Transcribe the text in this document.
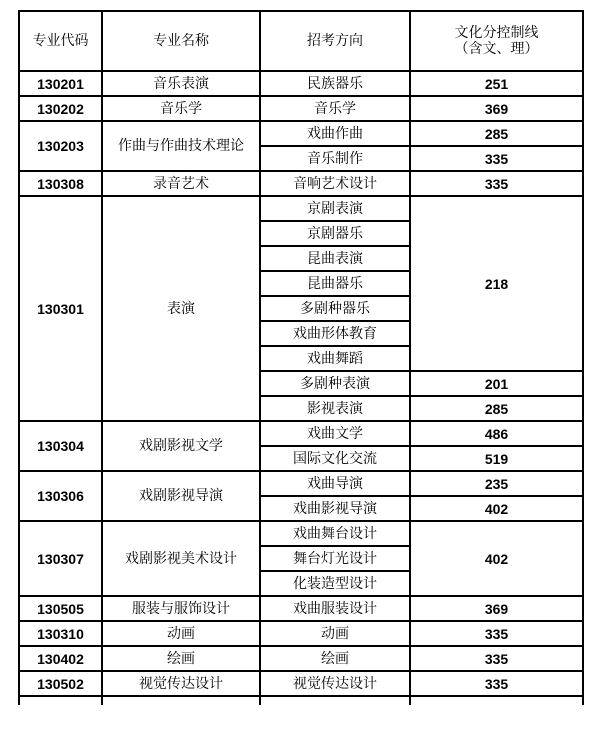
专业代码	专业名称	招考方向	文化分控制线
（含文、理）

130201	音乐表演	民族器乐	251
130202	音乐学	音乐学	369
130203	作曲与作曲技术理论	戏曲作曲	285
		音乐制作	335
130308	录音艺术	音响艺术设计	335
130301	表演	京剧表演	218
		京剧器乐	
		昆曲表演	
		昆曲器乐	
		多剧种器乐	
		戏曲形体教育	
		戏曲舞蹈	
		多剧种表演	201
		影视表演	285
130304	戏剧影视文学	戏曲文学	486
		国际文化交流	519
130306	戏剧影视导演	戏曲导演	235
		戏曲影视导演	402
130307	戏剧影视美术设计	戏曲舞台设计	402
		舞台灯光设计	
		化装造型设计	
130505	服装与服饰设计	戏曲服装设计	369
130310	动画	动画	335
130402	绘画	绘画	335
130502	视觉传达设计	视觉传达设计	335
